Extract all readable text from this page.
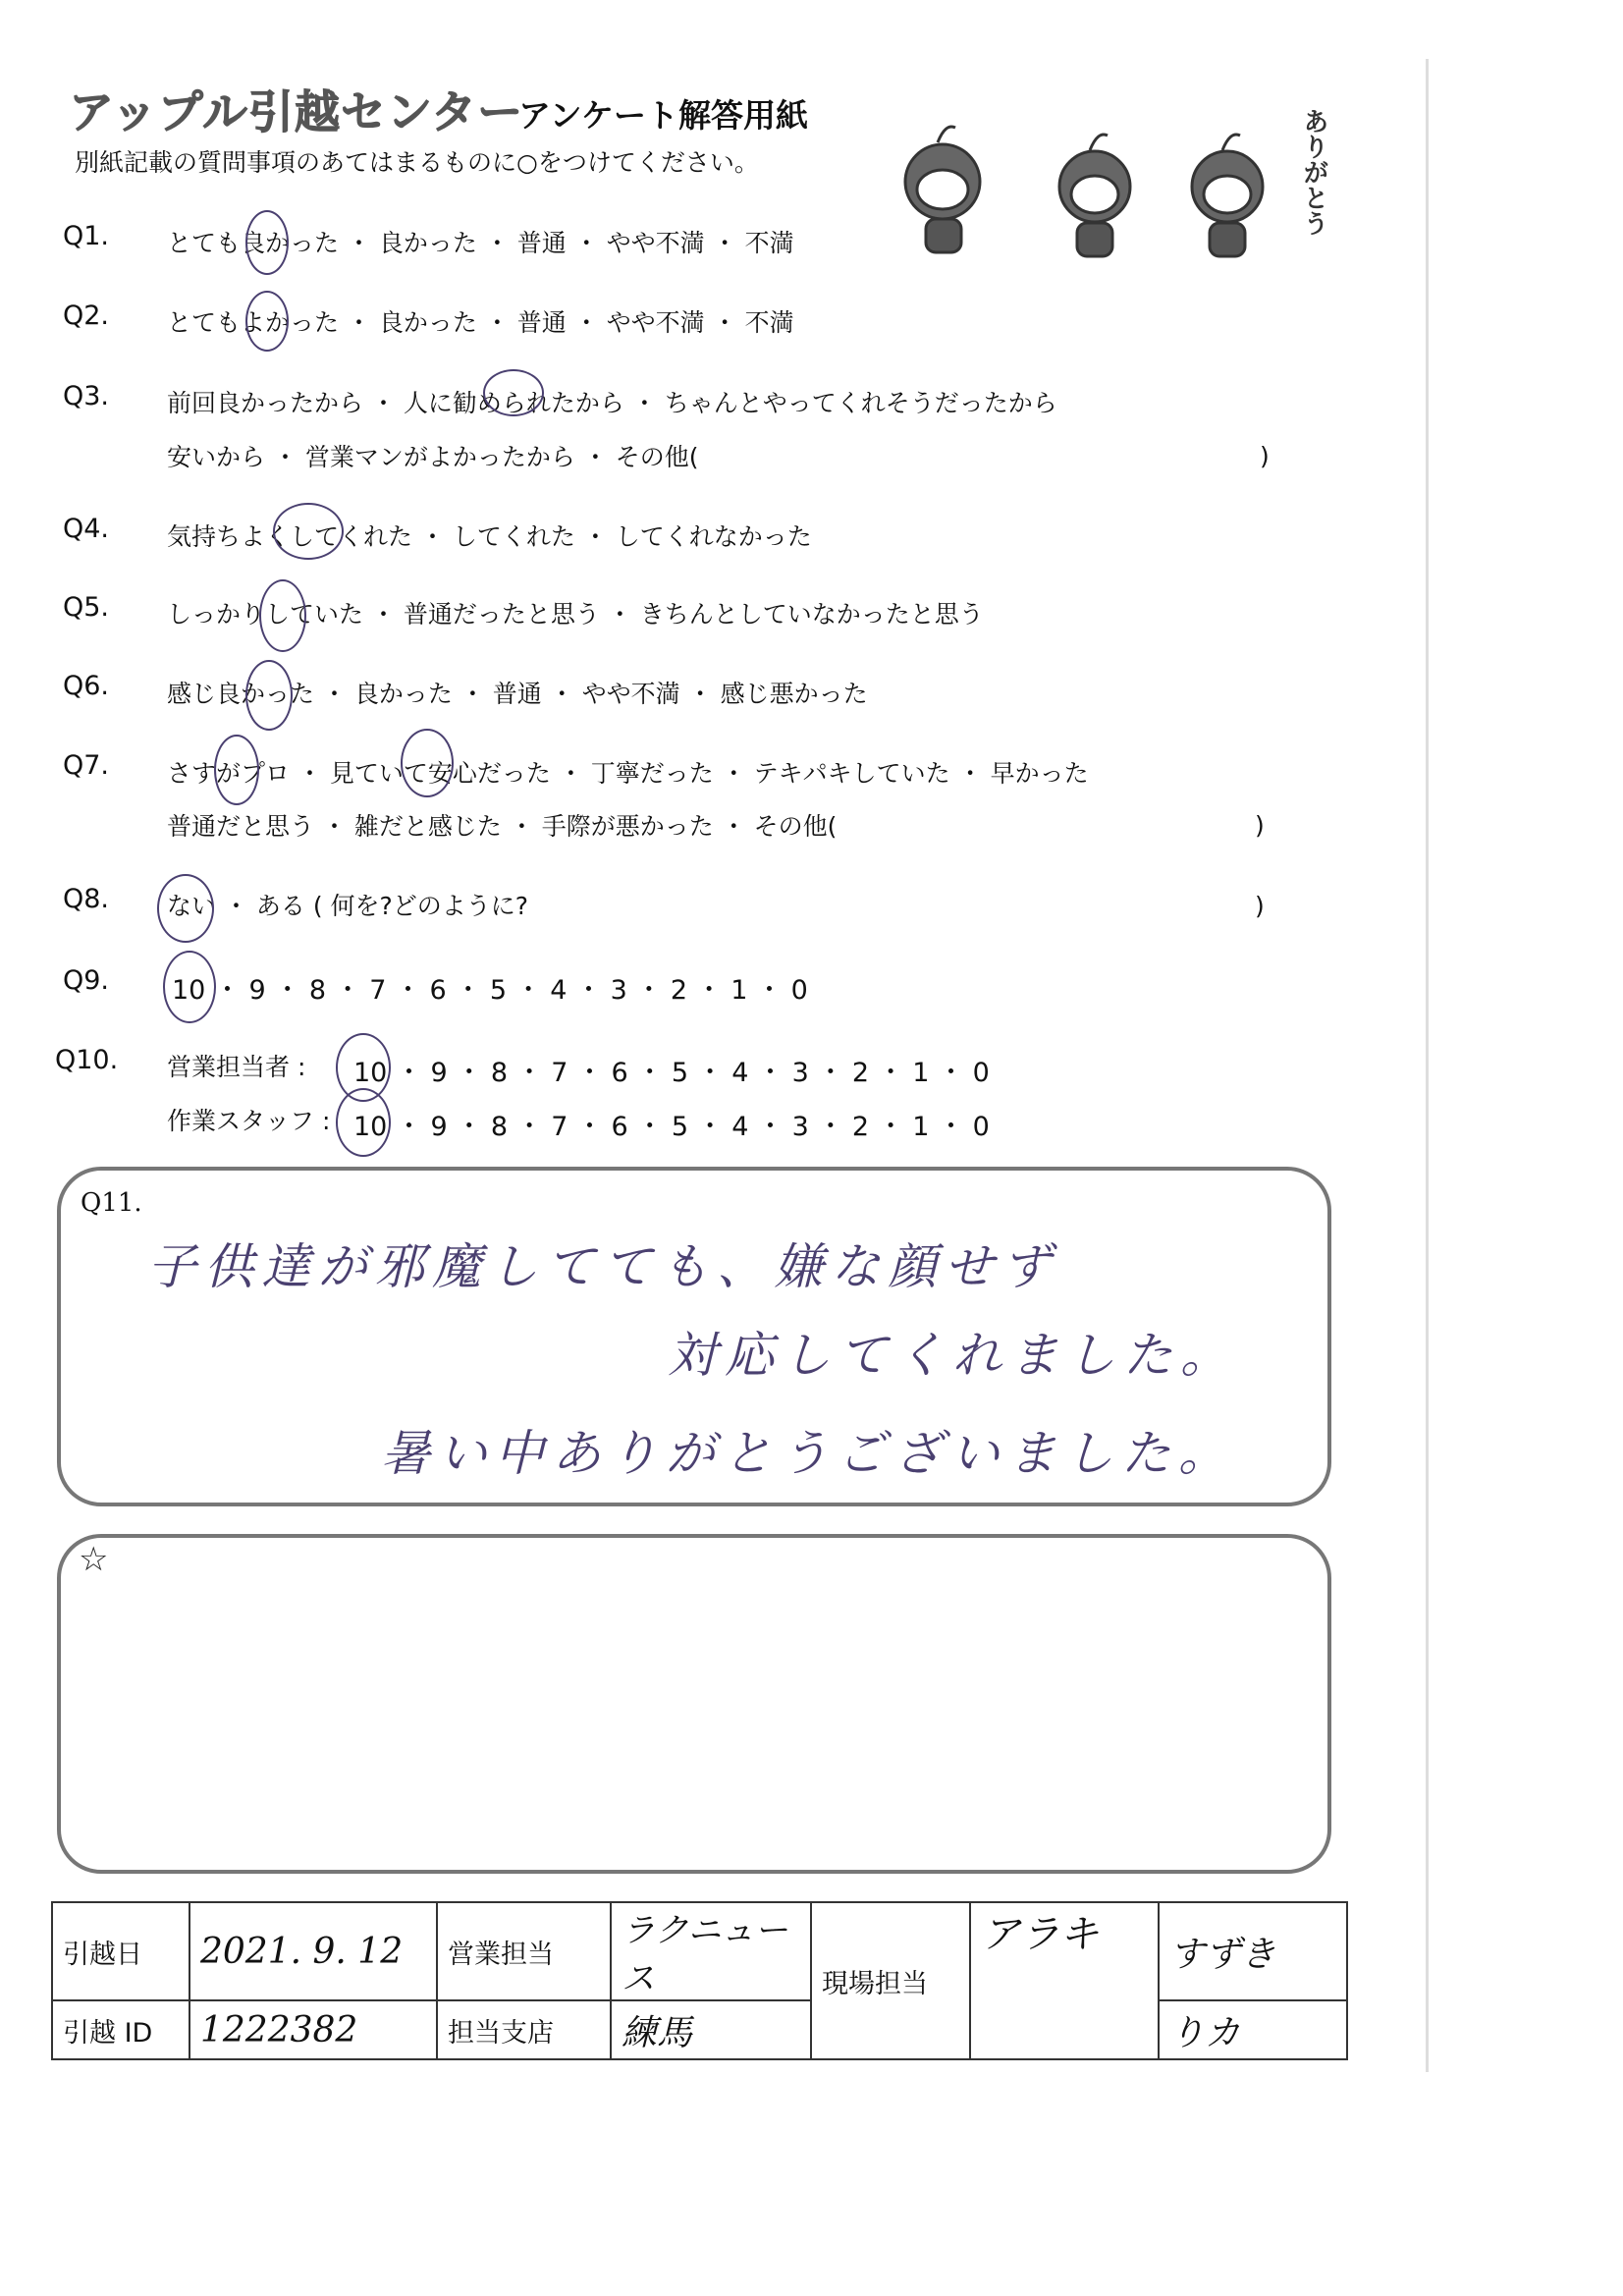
アップル引越センター
アンケート解答用紙
別紙記載の質問事項のあてはまるものに○をつけてください。	ありがとう
Q1. とても良かった ・ 良かった ・ 普通 ・ やや不満 ・ 不満
Q2. とてもよかった ・ 良かった ・ 普通 ・ やや不満 ・ 不満
Q3. 前回良かったから ・ 人に勧められたから ・ ちゃんとやってくれそうだったから
安いから ・ 営業マンがよかったから ・ その他(	)
Q4. 気持ちよくしてくれた ・ してくれた ・ してくれなかった
Q5. しっかりしていた ・ 普通だったと思う ・ きちんとしていなかったと思う
Q6. 感じ良かった ・ 良かった ・ 普通 ・ やや不満 ・ 感じ悪かった
Q7. さすがプロ ・ 見ていて安心だった ・ 丁寧だった ・ テキパキしていた ・ 早かった
普通だと思う ・ 雑だと感じた ・ 手際が悪かった ・ その他(	)
Q8. ない ・ ある ( 何を?どのように?	)
Q9. 10 ・ 9 ・ 8 ・ 7 ・ 6 ・ 5 ・ 4 ・ 3 ・ 2 ・ 1 ・ 0
Q10. 営業担当者 : 10 ・ 9 ・ 8 ・ 7 ・ 6 ・ 5 ・ 4 ・ 3 ・ 2 ・ 1 ・ 0
作業スタッフ : 10 ・ 9 ・ 8 ・ 7 ・ 6 ・ 5 ・ 4 ・ 3 ・ 2 ・ 1 ・ 0
Q11.
子供達が邪魔してても、嫌な顔せず
対応してくれました。
暑い中ありがとうございました。
☆
引越日	2021. 9. 12	営業担当	ラクニュース	現場担当	アラキ	すずき
引越 ID	1222382	担当支店	練馬			りカ
